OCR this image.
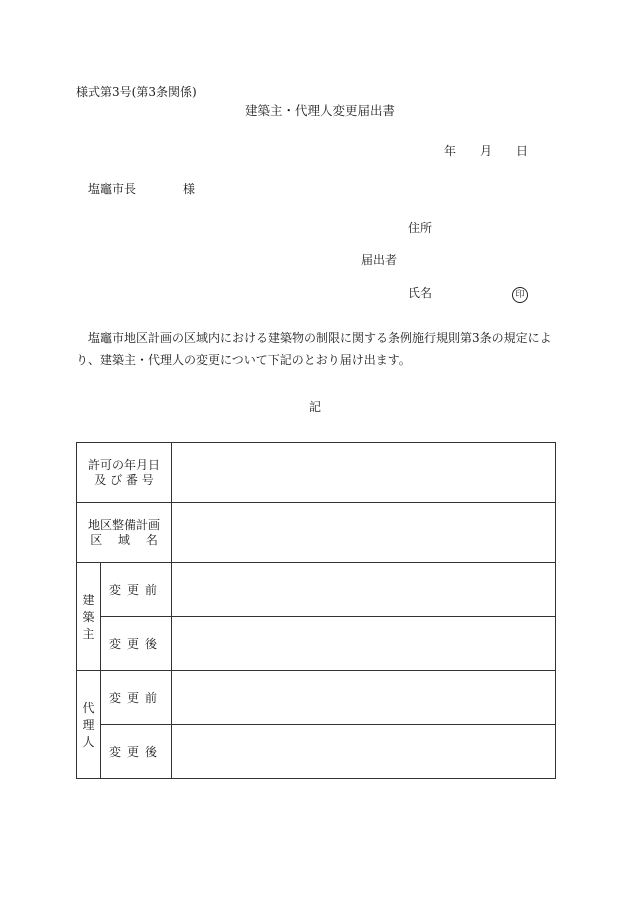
様式第3号(第3条関係)
建築主・代理人変更届出書
年 月 日
塩竈市長	様
住所
届出者
氏名	印
塩竈市地区計画の区域内における建築物の制限に関する条例施行規則第3条の規定により、建築主・代理人の変更について下記のとおり届け出ます。
記
許可の年月日
及 び 番 号		

地区整備計画
区　 域　 名		

建
築
主	変更前	
	変更後	

代
理
人	変更前	
	変更後	
